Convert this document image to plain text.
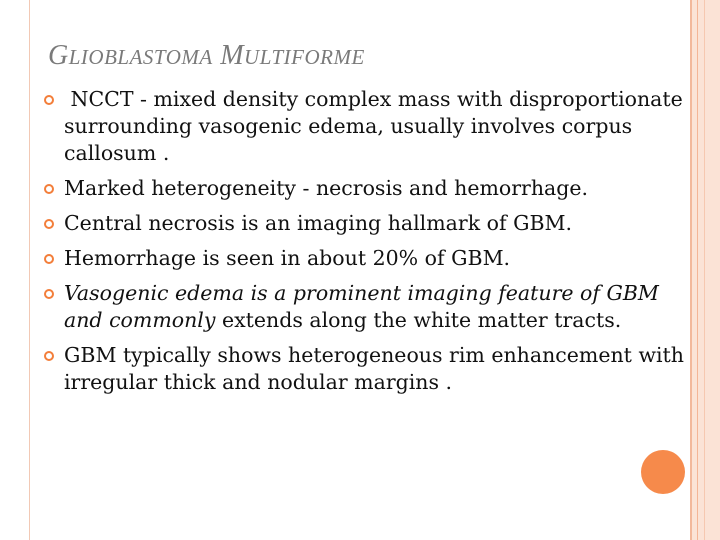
GLIOBLASTOMA MULTIFORME
NCCT - mixed density complex mass with disproportionate surrounding vasogenic edema, usually involves corpus callosum .
Marked heterogeneity - necrosis and hemorrhage.
Central necrosis is an imaging hallmark of GBM.
Hemorrhage is seen in about 20% of GBM.
Vasogenic edema is a prominent imaging feature of GBM and commonly extends along the white matter tracts.
GBM typically shows heterogeneous rim enhancement with irregular thick and nodular margins .
